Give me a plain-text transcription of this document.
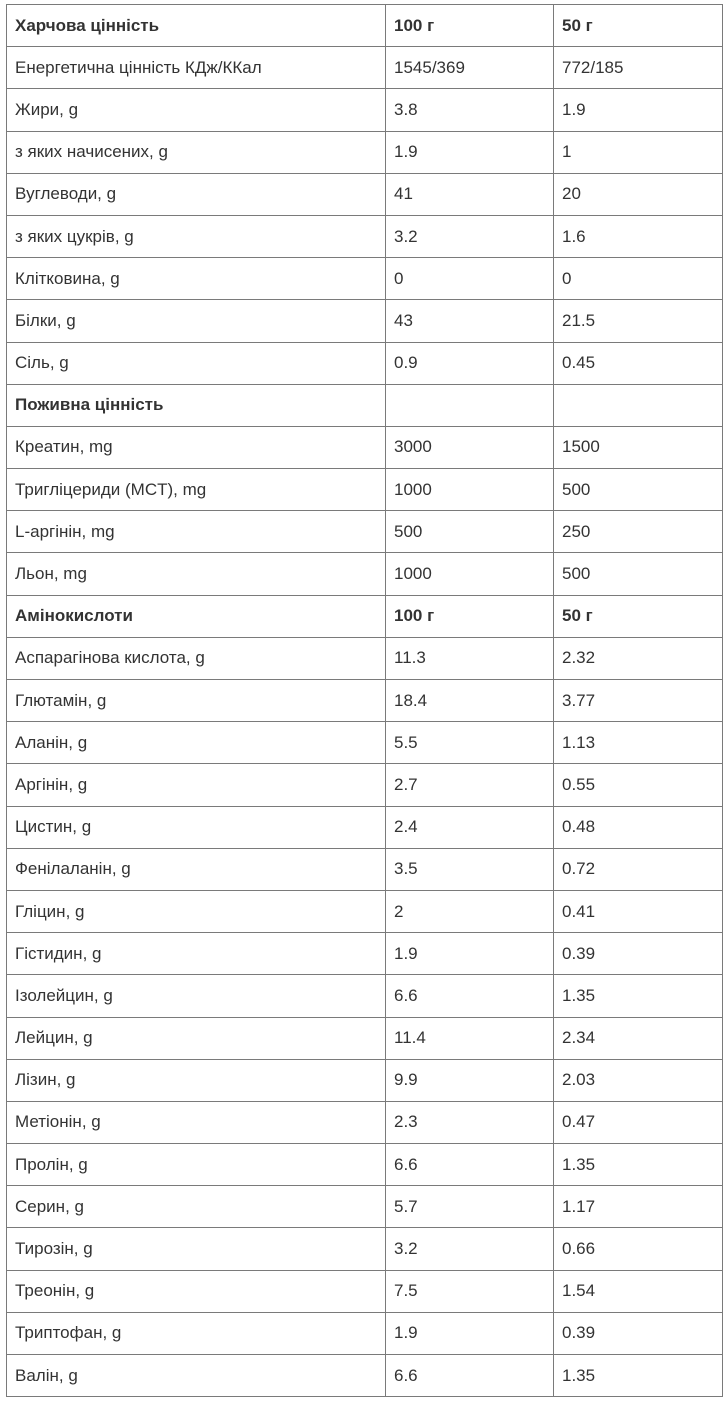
Харчова цінність	100 г	50 г
Енергетична цінність КДж/ККал	1545/369	772/185
Жири, g	3.8	1.9
з яких начисених, g	1.9	1
Вуглеводи, g	41	20
з яких цукрів, g	3.2	1.6
Клітковина, g	0	0
Білки, g	43	21.5
Сіль, g	0.9	0.45
Поживна цінність		
Креатин, mg	3000	1500
Тригліцериди (MCT), mg	1000	500
L-аргінін, mg	500	250
Льон, mg	1000	500
Амінокислоти	100 г	50 г
Аспарагінова кислота, g	11.3	2.32
Глютамін, g	18.4	3.77
Аланін, g	5.5	1.13
Аргінін, g	2.7	0.55
Цистин, g	2.4	0.48
Фенілаланін, g	3.5	0.72
Гліцин, g	2	0.41
Гістидин, g	1.9	0.39
Ізолейцин, g	6.6	1.35
Лейцин, g	11.4	2.34
Лізин, g	9.9	2.03
Метіонін, g	2.3	0.47
Пролін, g	6.6	1.35
Серин, g	5.7	1.17
Тирозін, g	3.2	0.66
Треонін, g	7.5	1.54
Триптофан, g	1.9	0.39
Валін, g	6.6	1.35
